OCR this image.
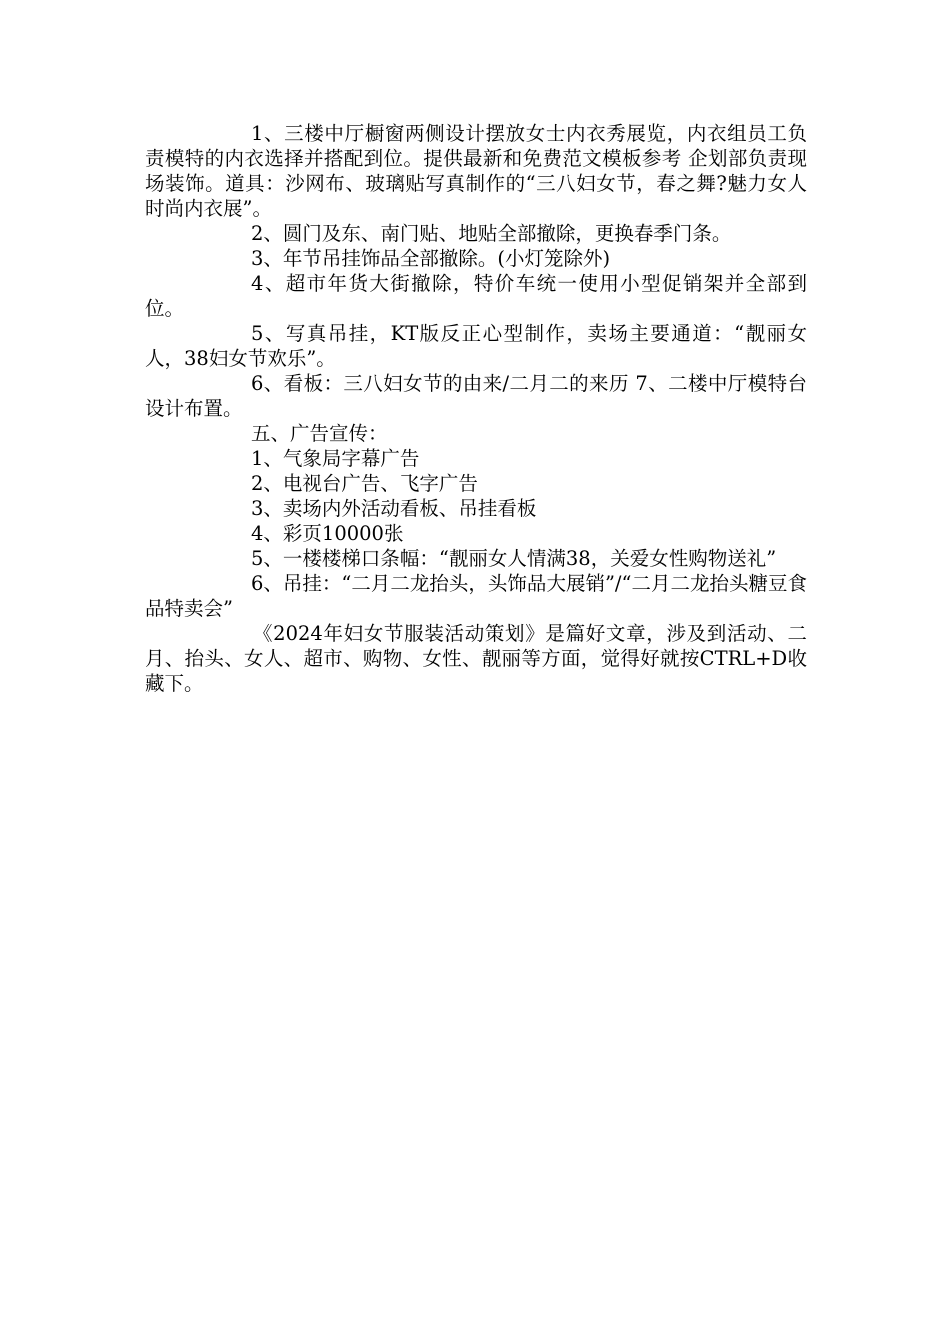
1、三楼中厅橱窗两侧设计摆放女士内衣秀展览，内衣组员工负责模特的内衣选择并搭配到位。提供最新和免费范文模板参考 企划部负责现场装饰。道具：沙网布、玻璃贴写真制作的“三八妇女节，春之舞?魅力女人时尚内衣展”。

2、圆门及东、南门贴、地贴全部撤除，更换春季门条。

3、年节吊挂饰品全部撤除。(小灯笼除外)

4、超市年货大街撤除，特价车统一使用小型促销架并全部到位。

5、写真吊挂，KT版反正心型制作，卖场主要通道：“靓丽女人，38妇女节欢乐”。

6、看板：三八妇女节的由来/二月二的来历 7、二楼中厅模特台设计布置。

五、广告宣传：

1、气象局字幕广告

2、电视台广告、飞字广告

3、卖场内外活动看板、吊挂看板

4、彩页10000张

5、一楼楼梯口条幅：“靓丽女人情满38，关爱女性购物送礼”

6、吊挂：“二月二龙抬头，头饰品大展销”/“二月二龙抬头糖豆食品特卖会”

《2024年妇女节服装活动策划》是篇好文章，涉及到活动、二月、抬头、女人、超市、购物、女性、靓丽等方面，觉得好就按CTRL+D收藏下。
